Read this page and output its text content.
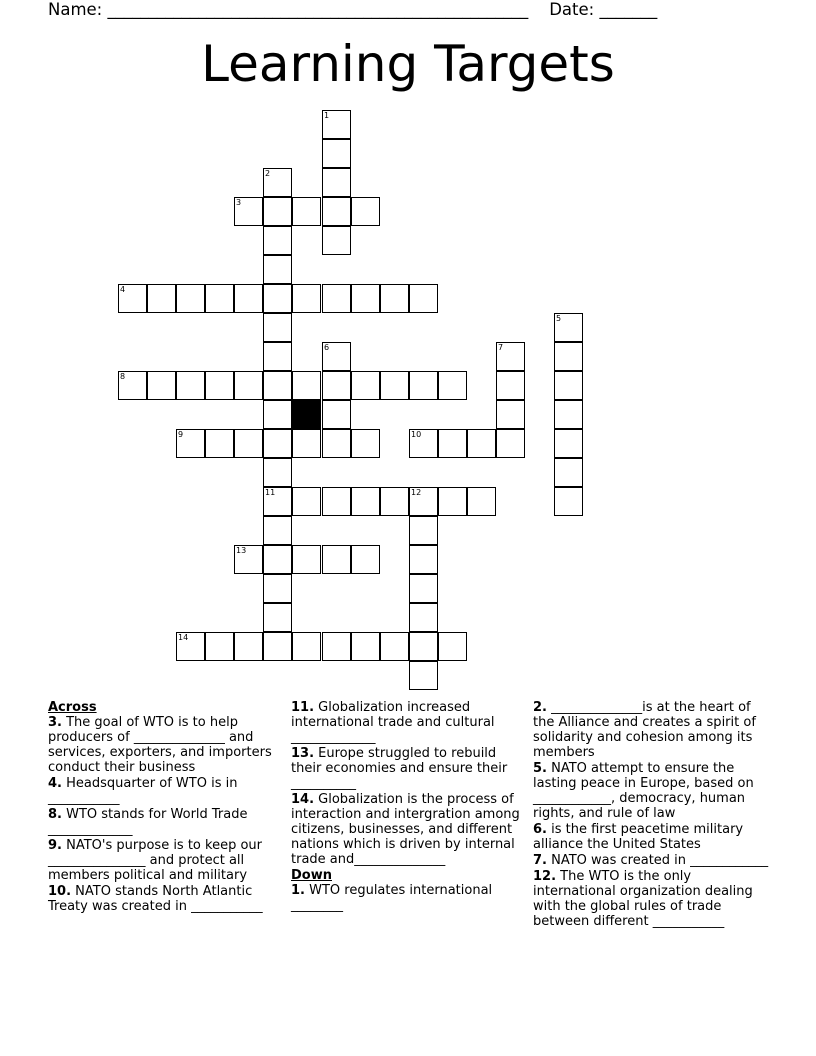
Name: ___________________________________________________    Date: _______
Learning Targets
1
2
11
3
4
5
6	7
8
9	10
12
13
14
Across
3. The goal of WTO is to help producers of ______________ and services, exporters, and importers conduct their business
4. Headsquarter of WTO is in ___________
8. WTO stands for World Trade _____________
9. NATO's purpose is to keep our _______________ and protect all members political and military
10. NATO stands North Atlantic Treaty was created in ___________
11. Globalization increased international trade and cultural _____________
13. Europe struggled to rebuild their economies and ensure their __________
14. Globalization is the process of interaction and intergration among citizens, businesses, and different nations which is driven by internal trade and______________
Down
1. WTO regulates international ________
2. ______________is at the heart of the Alliance and creates a spirit of solidarity and cohesion among its members
5. NATO attempt to ensure the lasting peace in Europe, based on ____________, democracy, human rights, and rule of law
6. is the first peacetime military alliance the United States
7. NATO was created in ____________
12. The WTO is the only international organization dealing with the global rules of trade between different ___________
